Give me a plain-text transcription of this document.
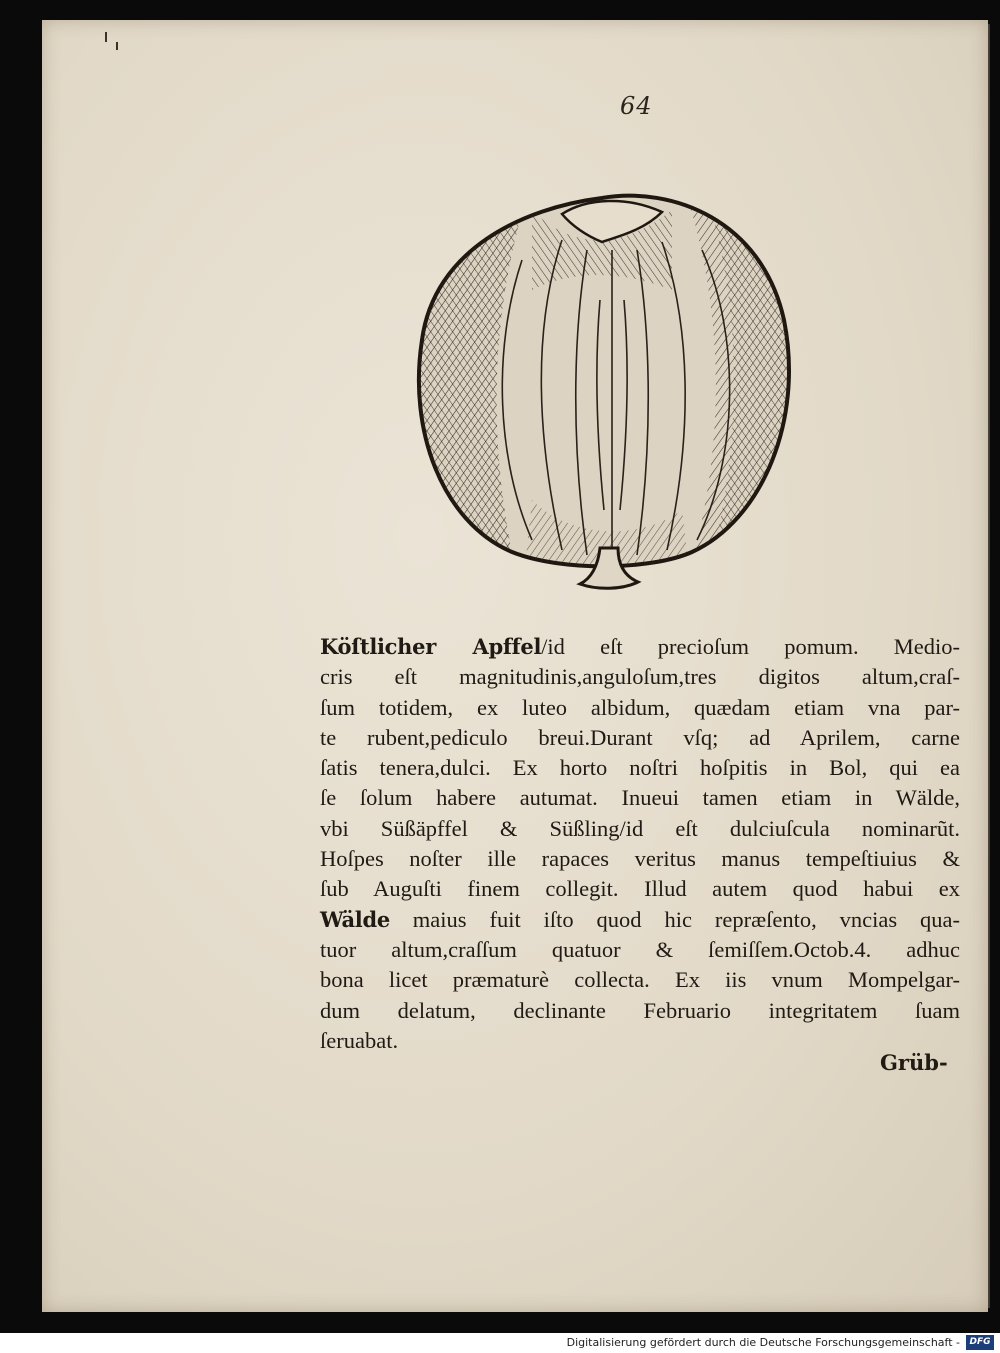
64
Köſtlicher Apffel/id eſt precioſum pomum. Medio-
cris eſt magnitudinis,anguloſum,tres digitos altum,craſ-
ſum totidem, ex luteo albidum, quædam etiam vna par-
te rubent,pediculo breui.Durant vſq; ad Aprilem, carne
ſatis tenera,dulci. Ex horto noſtri hoſpitis in Bol, qui ea
ſe ſolum habere autumat. Inueui tamen etiam in Wälde,
vbi Süßäpffel & Süßling/id eſt dulciuſcula nominarũt.
Hoſpes noſter ille rapaces veritus manus tempeſtiuius &
ſub Auguſti finem collegit. Illud autem quod habui ex
Wälde maius fuit iſto quod hic repræſento, vncias qua-
tuor altum,craſſum quatuor & ſemiſſem.Octob.4. adhuc
bona licet præmaturè collecta. Ex iis vnum Mompelgar-
dum delatum, declinante Februario integritatem ſuam
ſeruabat.
Grüb-
Digitalisierung gefördert durch die Deutsche Forschungsgemeinschaft -	DFG
